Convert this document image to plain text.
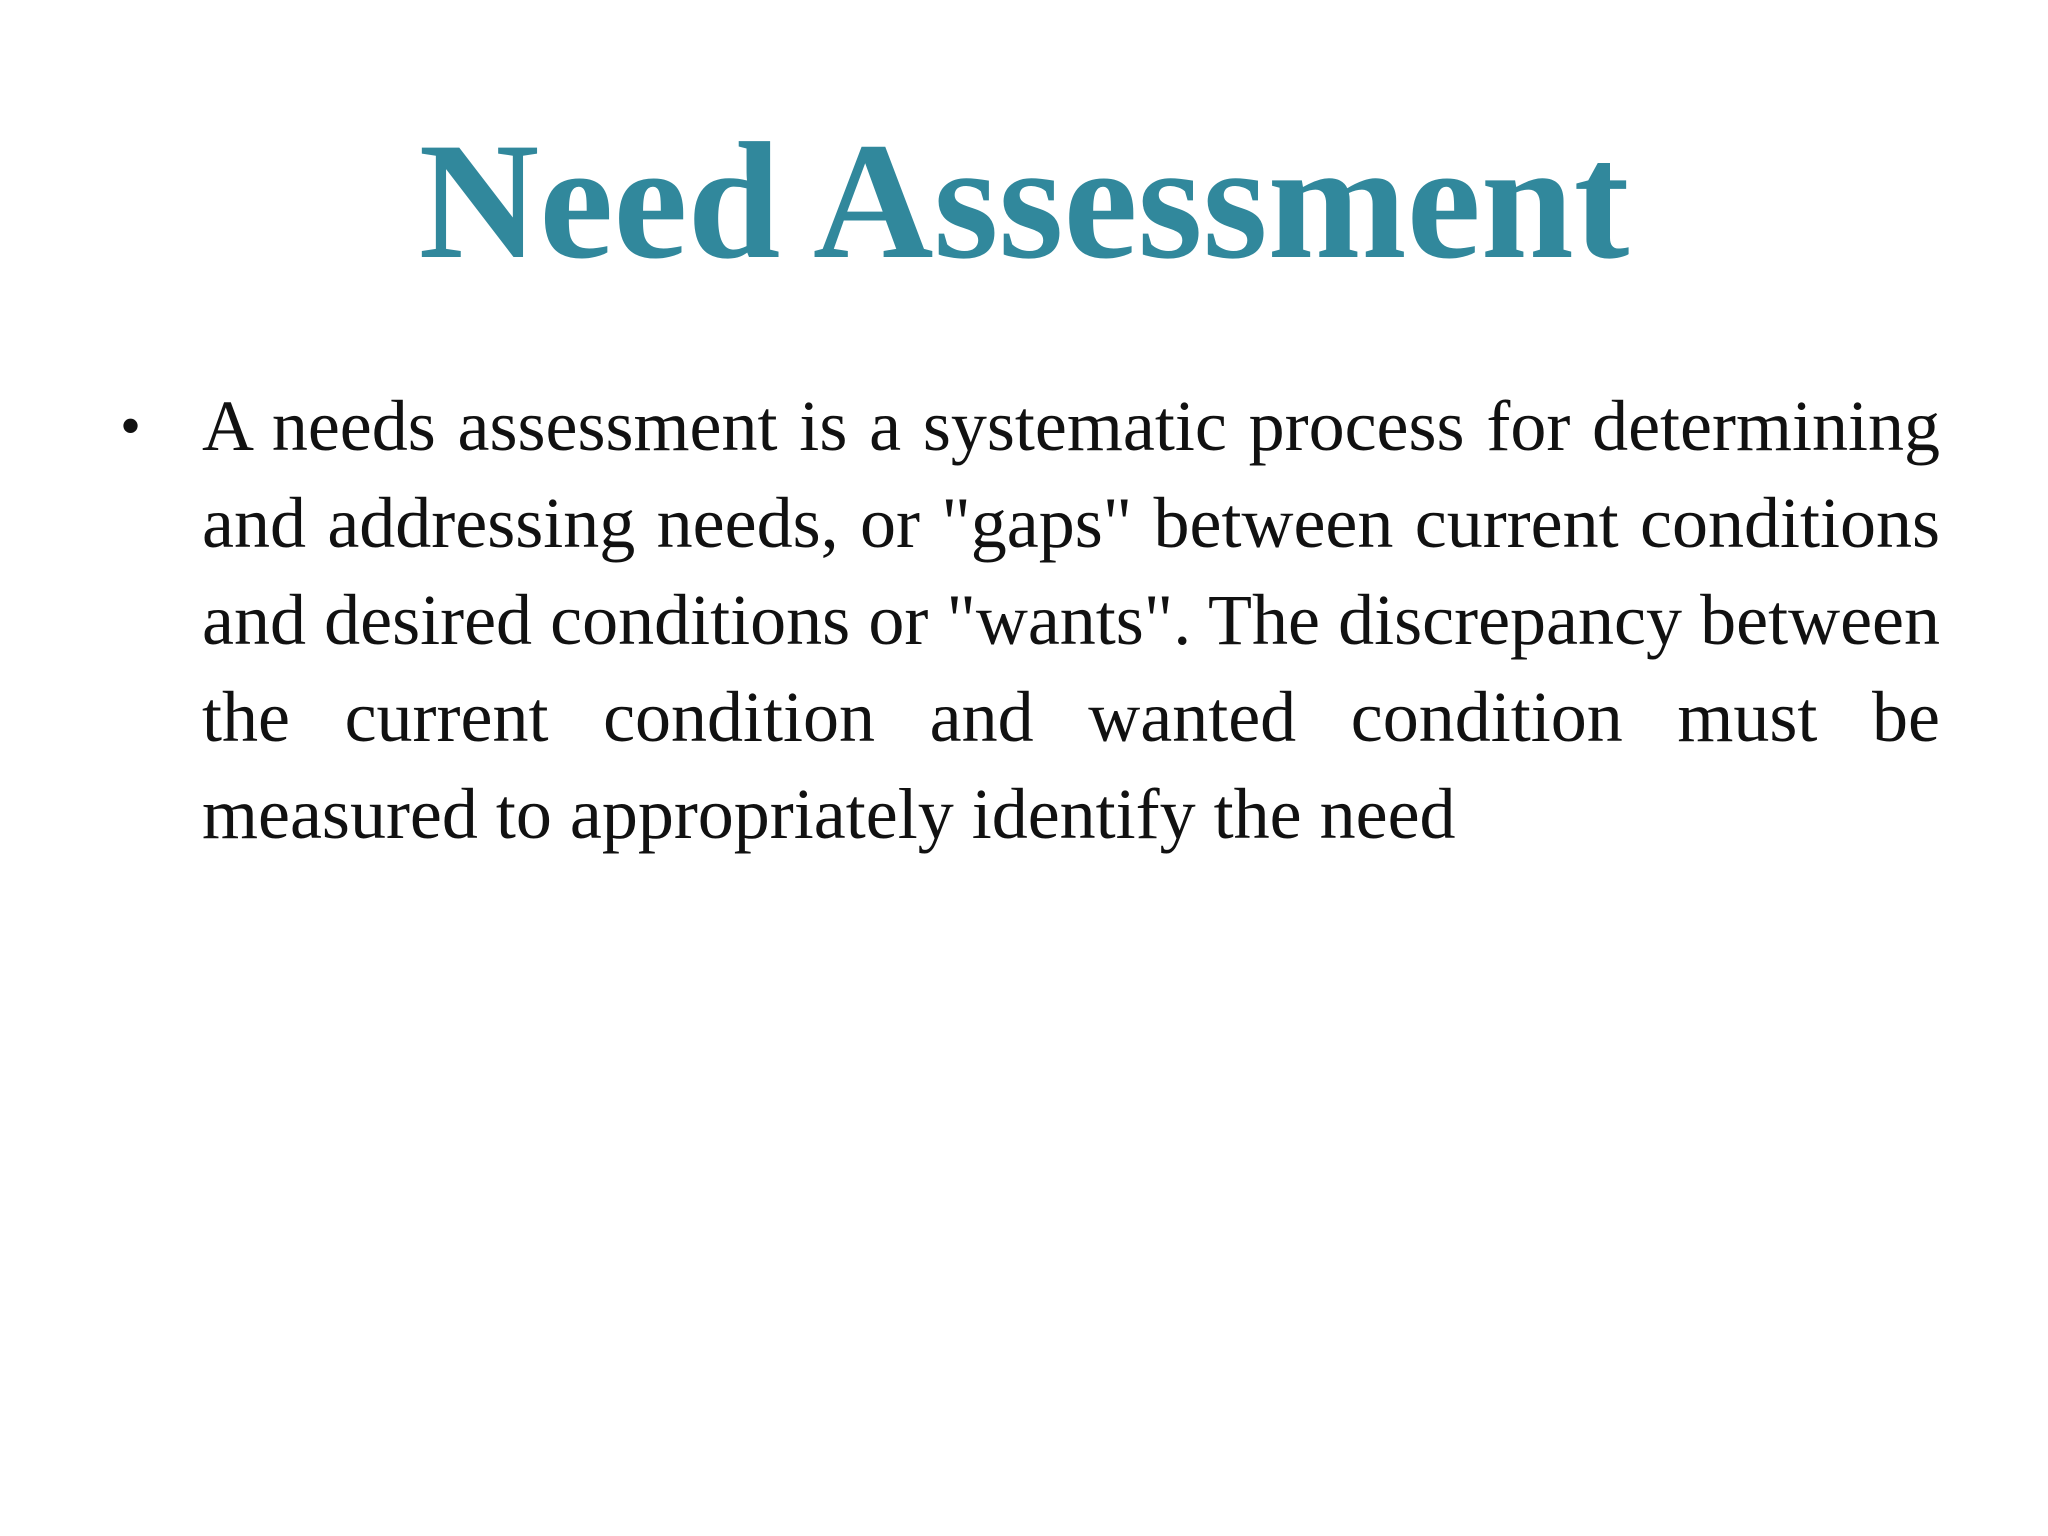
Need Assessment
• A needs assessment is a systematic process for determining and addressing needs, or "gaps" between current conditions and desired conditions or "wants". The discrepancy between the current condition and wanted condition must be measured to appropriately identify the need
